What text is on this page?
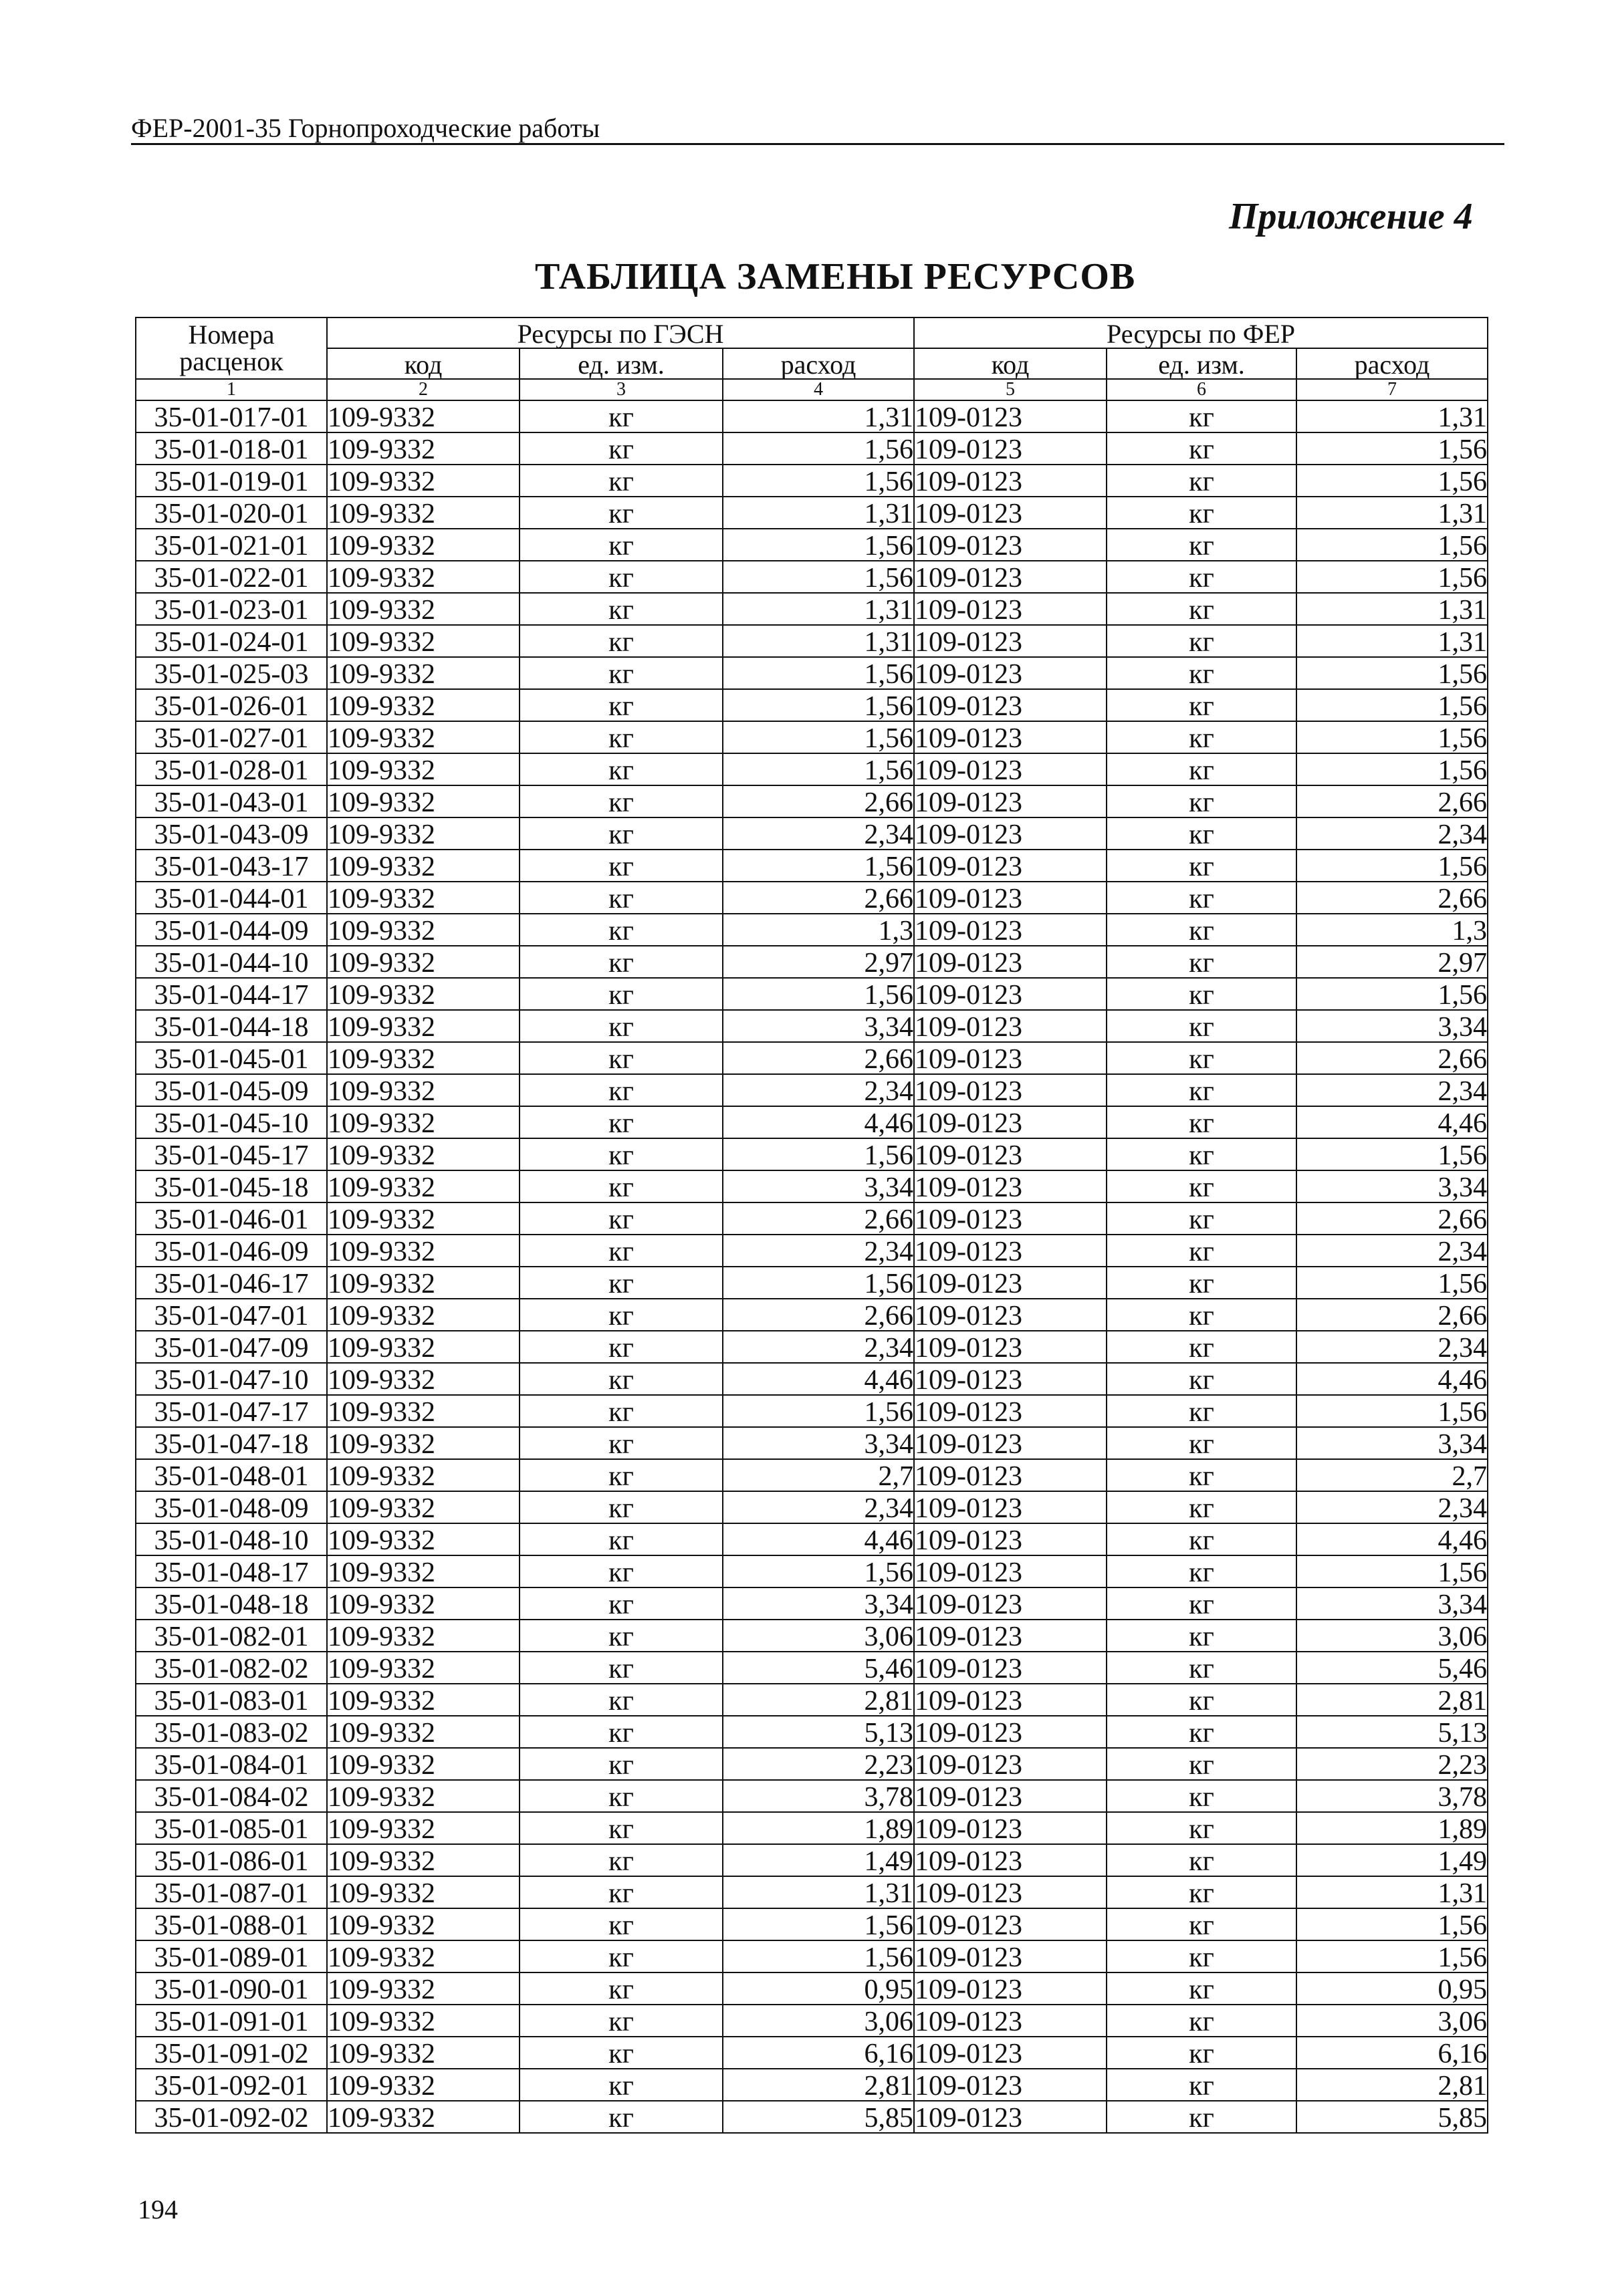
ФЕР-2001-35 Горнопроходческие работы
Приложение 4
ТАБЛИЦА ЗАМЕНЫ РЕСУРСОВ
Номера расценок	Ресурсы по ГЭСН			Ресурсы по ФЕР		
	код	ед. изм.	расход	код	ед. изм.	расход
1	2	3	4	5	6	7
35-01-017-01	109-9332	кг	1,31	109-0123	кг	1,31
35-01-018-01	109-9332	кг	1,56	109-0123	кг	1,56
35-01-019-01	109-9332	кг	1,56	109-0123	кг	1,56
35-01-020-01	109-9332	кг	1,31	109-0123	кг	1,31
35-01-021-01	109-9332	кг	1,56	109-0123	кг	1,56
35-01-022-01	109-9332	кг	1,56	109-0123	кг	1,56
35-01-023-01	109-9332	кг	1,31	109-0123	кг	1,31
35-01-024-01	109-9332	кг	1,31	109-0123	кг	1,31
35-01-025-03	109-9332	кг	1,56	109-0123	кг	1,56
35-01-026-01	109-9332	кг	1,56	109-0123	кг	1,56
35-01-027-01	109-9332	кг	1,56	109-0123	кг	1,56
35-01-028-01	109-9332	кг	1,56	109-0123	кг	1,56
35-01-043-01	109-9332	кг	2,66	109-0123	кг	2,66
35-01-043-09	109-9332	кг	2,34	109-0123	кг	2,34
35-01-043-17	109-9332	кг	1,56	109-0123	кг	1,56
35-01-044-01	109-9332	кг	2,66	109-0123	кг	2,66
35-01-044-09	109-9332	кг	1,3	109-0123	кг	1,3
35-01-044-10	109-9332	кг	2,97	109-0123	кг	2,97
35-01-044-17	109-9332	кг	1,56	109-0123	кг	1,56
35-01-044-18	109-9332	кг	3,34	109-0123	кг	3,34
35-01-045-01	109-9332	кг	2,66	109-0123	кг	2,66
35-01-045-09	109-9332	кг	2,34	109-0123	кг	2,34
35-01-045-10	109-9332	кг	4,46	109-0123	кг	4,46
35-01-045-17	109-9332	кг	1,56	109-0123	кг	1,56
35-01-045-18	109-9332	кг	3,34	109-0123	кг	3,34
35-01-046-01	109-9332	кг	2,66	109-0123	кг	2,66
35-01-046-09	109-9332	кг	2,34	109-0123	кг	2,34
35-01-046-17	109-9332	кг	1,56	109-0123	кг	1,56
35-01-047-01	109-9332	кг	2,66	109-0123	кг	2,66
35-01-047-09	109-9332	кг	2,34	109-0123	кг	2,34
35-01-047-10	109-9332	кг	4,46	109-0123	кг	4,46
35-01-047-17	109-9332	кг	1,56	109-0123	кг	1,56
35-01-047-18	109-9332	кг	3,34	109-0123	кг	3,34
35-01-048-01	109-9332	кг	2,7	109-0123	кг	2,7
35-01-048-09	109-9332	кг	2,34	109-0123	кг	2,34
35-01-048-10	109-9332	кг	4,46	109-0123	кг	4,46
35-01-048-17	109-9332	кг	1,56	109-0123	кг	1,56
35-01-048-18	109-9332	кг	3,34	109-0123	кг	3,34
35-01-082-01	109-9332	кг	3,06	109-0123	кг	3,06
35-01-082-02	109-9332	кг	5,46	109-0123	кг	5,46
35-01-083-01	109-9332	кг	2,81	109-0123	кг	2,81
35-01-083-02	109-9332	кг	5,13	109-0123	кг	5,13
35-01-084-01	109-9332	кг	2,23	109-0123	кг	2,23
35-01-084-02	109-9332	кг	3,78	109-0123	кг	3,78
35-01-085-01	109-9332	кг	1,89	109-0123	кг	1,89
35-01-086-01	109-9332	кг	1,49	109-0123	кг	1,49
35-01-087-01	109-9332	кг	1,31	109-0123	кг	1,31
35-01-088-01	109-9332	кг	1,56	109-0123	кг	1,56
35-01-089-01	109-9332	кг	1,56	109-0123	кг	1,56
35-01-090-01	109-9332	кг	0,95	109-0123	кг	0,95
35-01-091-01	109-9332	кг	3,06	109-0123	кг	3,06
35-01-091-02	109-9332	кг	6,16	109-0123	кг	6,16
35-01-092-01	109-9332	кг	2,81	109-0123	кг	2,81
35-01-092-02	109-9332	кг	5,85	109-0123	кг	5,85
194
